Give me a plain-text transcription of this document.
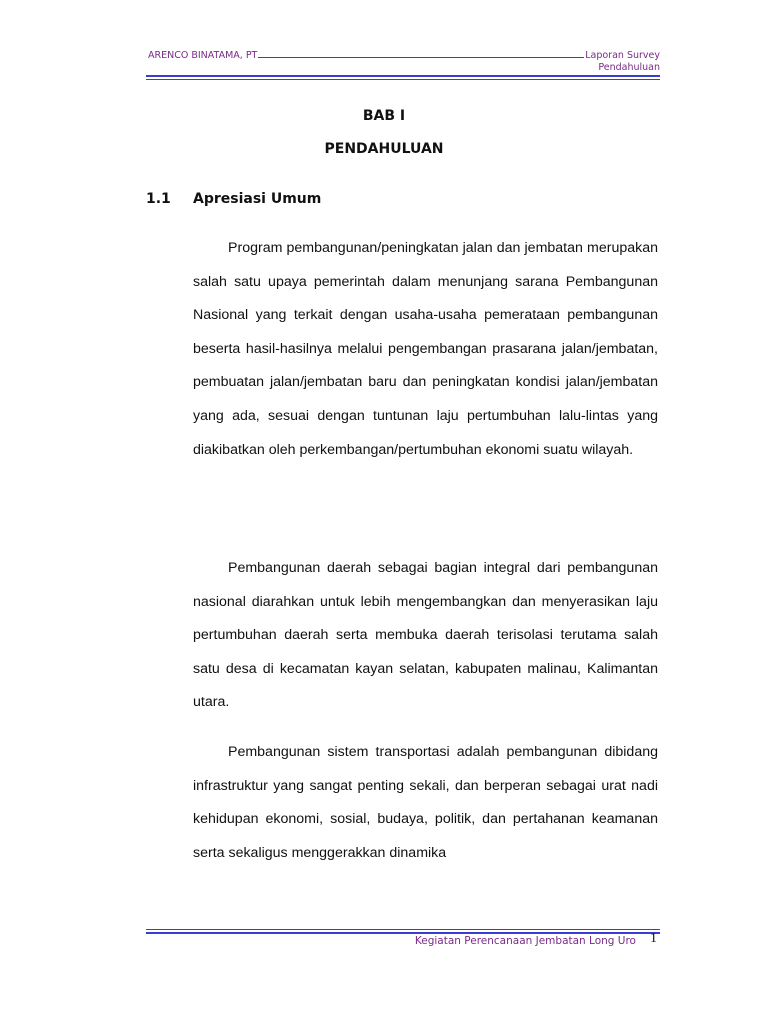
ARENCO BINATAMA, PT	Laporan Survey
Pendahuluan
BAB I
PENDAHULUAN
1.1 Apresiasi Umum

Program pembangunan/peningkatan jalan dan jembatan merupakan salah satu upaya pemerintah dalam menunjang sarana Pembangunan Nasional yang terkait dengan usaha-usaha pemerataan pembangunan beserta hasil-hasilnya melalui pengembangan prasarana jalan/jembatan, pembuatan jalan/jembatan baru dan peningkatan kondisi jalan/jembatan yang ada, sesuai dengan tuntunan laju pertumbuhan lalu-lintas yang diakibatkan oleh perkembangan/pertumbuhan ekonomi suatu wilayah.

Pembangunan daerah sebagai bagian integral dari pembangunan nasional diarahkan untuk lebih mengembangkan dan menyerasikan laju pertumbuhan daerah serta membuka daerah terisolasi terutama salah satu desa di kecamatan kayan selatan, kabupaten malinau, Kalimantan utara.

Pembangunan sistem transportasi adalah pembangunan dibidang infrastruktur yang sangat penting sekali, dan berperan sebagai urat nadi kehidupan ekonomi, sosial, budaya, politik, dan pertahanan keamanan serta sekaligus menggerakkan dinamika

Kegiatan Perencanaan Jembatan Long Uro 1
